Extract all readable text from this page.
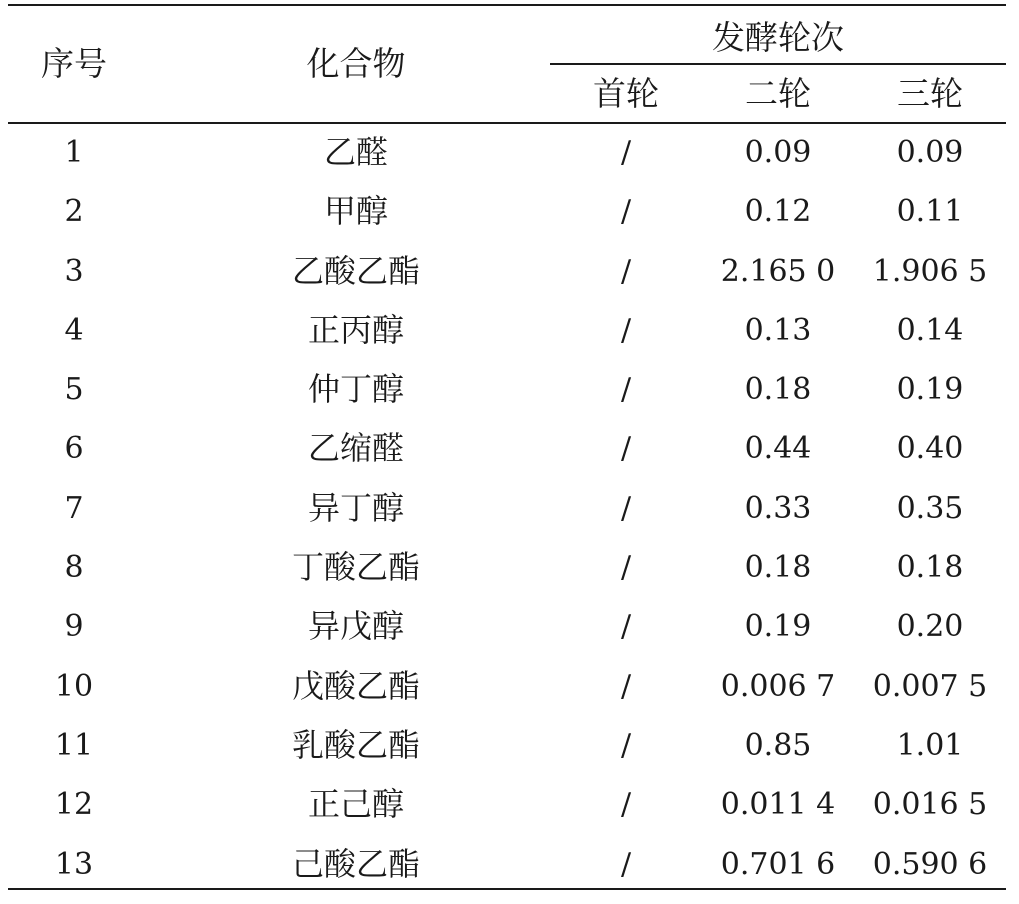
序号	化合物
发酵轮次
首轮	二轮	三轮
1	乙醛	/	0.09	0.09
2	甲醇	/	0.12	0.11
3	乙酸乙酯	/	2.165 0	1.906 5
4	正丙醇	/	0.13	0.14
5	仲丁醇	/	0.18	0.19
6	乙缩醛	/	0.44	0.40
7	异丁醇	/	0.33	0.35
8	丁酸乙酯	/	0.18	0.18
9	异戊醇	/	0.19	0.20
10	戊酸乙酯	/	0.006 7	0.007 5
11	乳酸乙酯	/	0.85	1.01
12	正己醇	/	0.011 4	0.016 5
13	己酸乙酯	/	0.701 6	0.590 6
